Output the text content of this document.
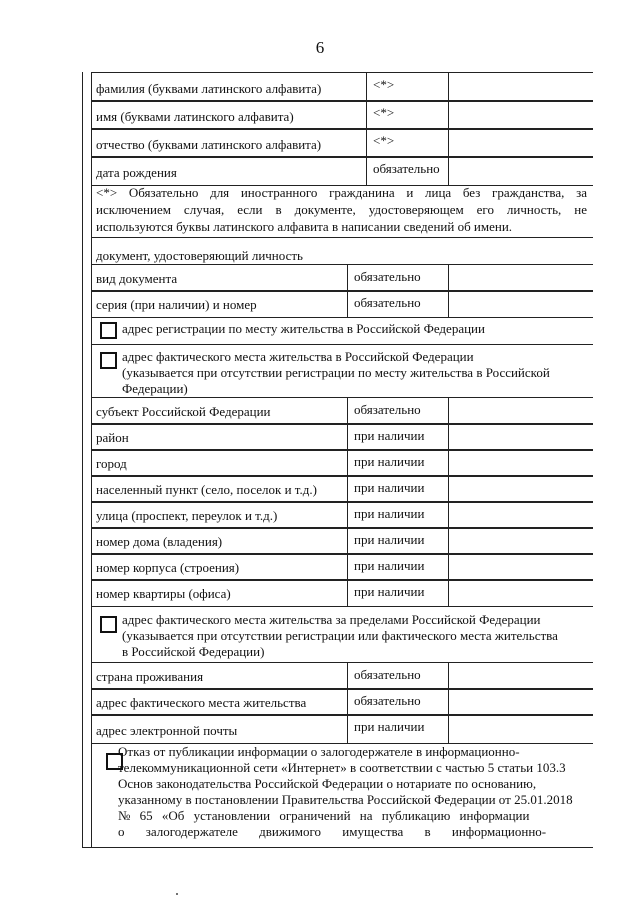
6
фамилия (буквами латинского алфавита)	<*>
имя (буквами латинского алфавита)	<*>
отчество (буквами латинского алфавита)	<*>
дата рождения	обязательно
<*> Обязательно для иностранного гражданина и лица без гражданства, за исключением случая, если в документе, удостоверяющем его личность, не используются буквы латинского алфавита в написании сведений об имени.
документ, удостоверяющий личность
вид документа	обязательно
серия (при наличии) и номер	обязательно
адрес регистрации по месту жительства в Российской Федерации
адрес фактического места жительства в Российской Федерации
(указывается при отсутствии регистрации по месту жительства в Российской
Федерации)
субъект Российской Федерации	обязательно
район	при наличии
город	при наличии
населенный пункт (село, поселок и т.д.)	при наличии
улица (проспект, переулок и т.д.)	при наличии
номер дома (владения)	при наличии
номер корпуса (строения)	при наличии
номер квартиры (офиса)	при наличии
адрес фактического места жительства за пределами Российской Федерации
(указывается при отсутствии регистрации или фактического места жительства
в Российской Федерации)
страна проживания	обязательно
адрес фактического места жительства	обязательно
адрес электронной почты	при наличии
Отказ от публикации информации о залогодержателе в информационно-
телекоммуникационной сети «Интернет» в соответствии с частью 5 статьи 103.3
Основ законодательства Российской Федерации о нотариате по основанию,
указанному в постановлении Правительства Российской Федерации от 25.01.2018
№ 65 «Об установлении ограничений на публикацию информации
о залогодержателе движимого имущества в информационно-
